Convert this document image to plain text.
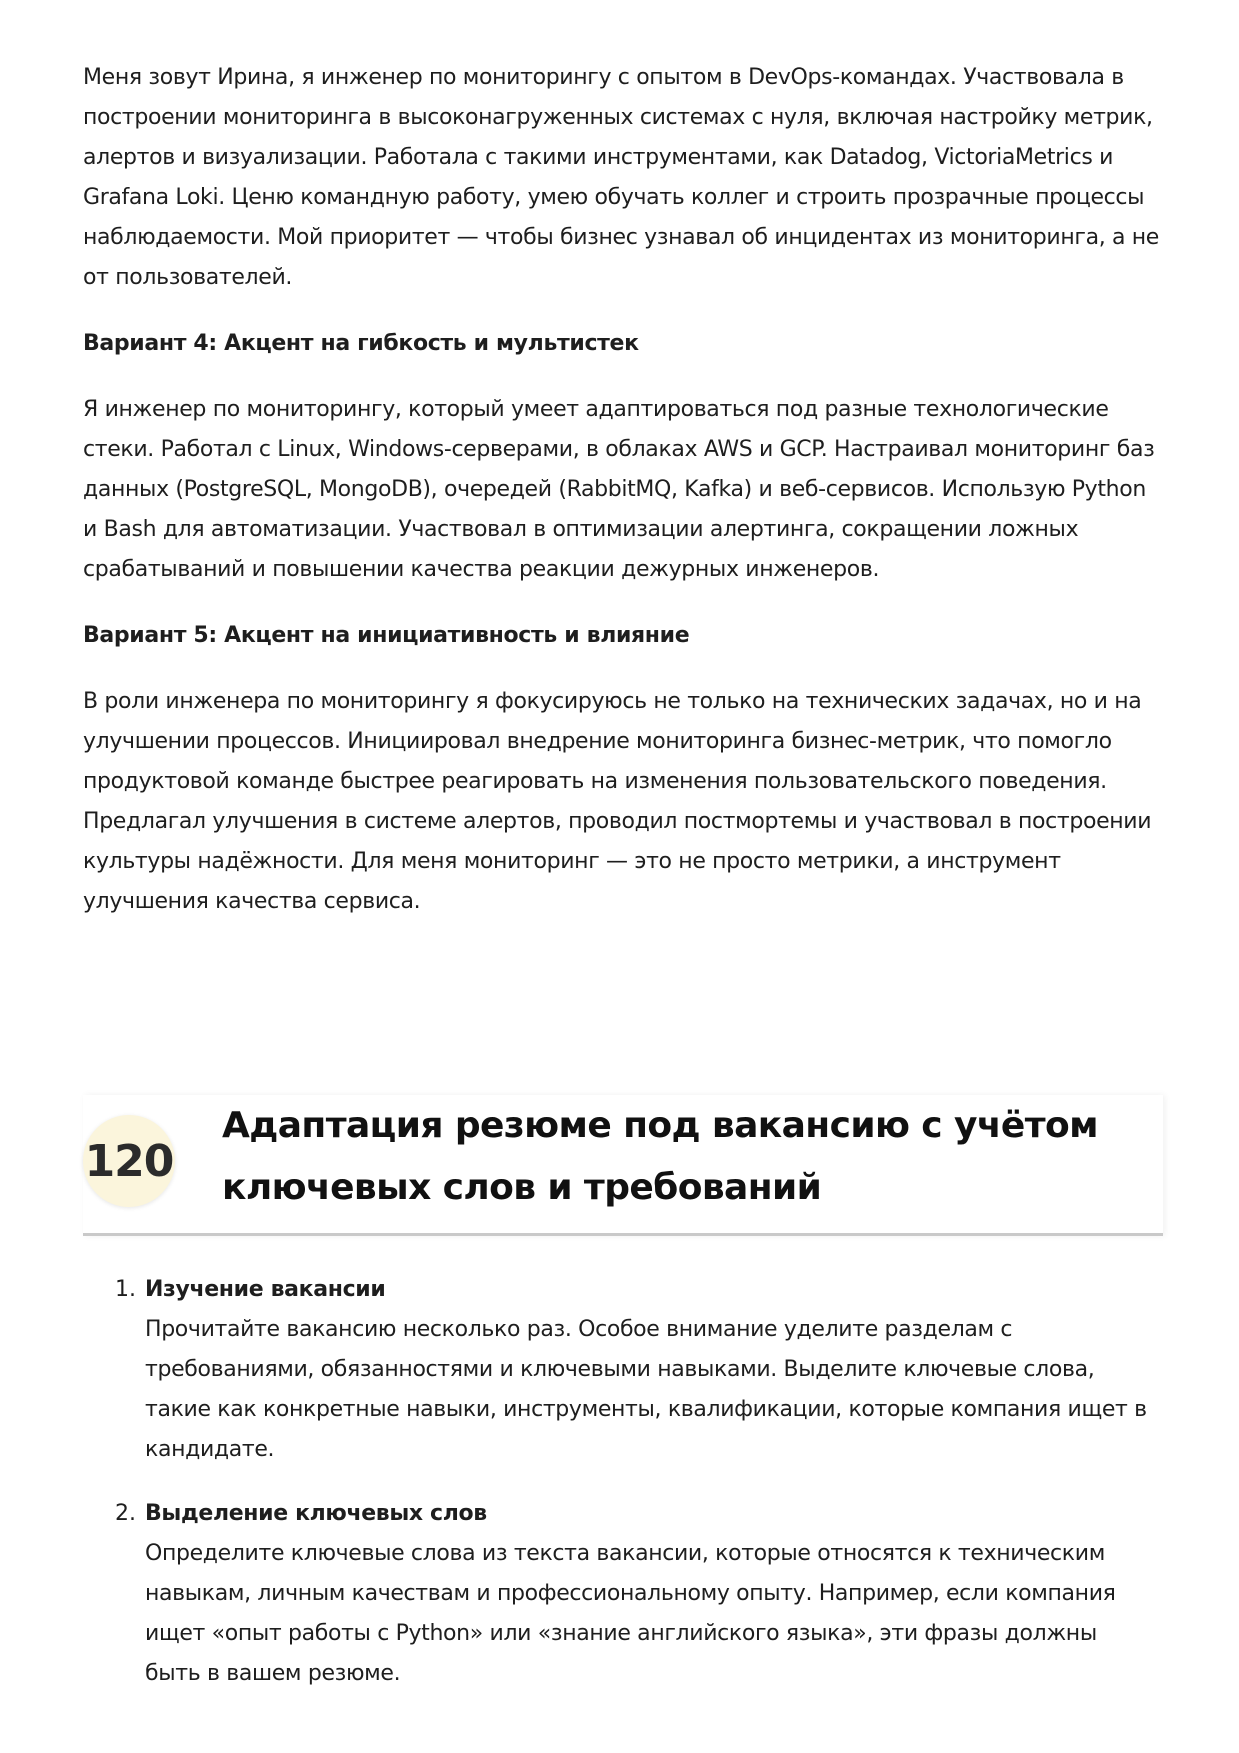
Меня зовут Ирина, я инженер по мониторингу с опытом в DevOps-командах. Участвовала в построении мониторинга в высоконагруженных системах с нуля, включая настройку метрик, алертов и визуализации. Работала с такими инструментами, как Datadog, VictoriaMetrics и Grafana Loki. Ценю командную работу, умею обучать коллег и строить прозрачные процессы наблюдаемости. Мой приоритет — чтобы бизнес узнавал об инцидентах из мониторинга, а не от пользователей.

Вариант 4: Акцент на гибкость и мультистек

Я инженер по мониторингу, который умеет адаптироваться под разные технологические стеки. Работал с Linux, Windows-серверами, в облаках AWS и GCP. Настраивал мониторинг баз данных (PostgreSQL, MongoDB), очередей (RabbitMQ, Kafka) и веб-сервисов. Использую Python и Bash для автоматизации. Участвовал в оптимизации алертинга, сокращении ложных срабатываний и повышении качества реакции дежурных инженеров.

Вариант 5: Акцент на инициативность и влияние

В роли инженера по мониторингу я фокусируюсь не только на технических задачах, но и на улучшении процессов. Инициировал внедрение мониторинга бизнес-метрик, что помогло продуктовой команде быстрее реагировать на изменения пользовательского поведения. Предлагал улучшения в системе алертов, проводил постмортемы и участвовал в построении культуры надёжности. Для меня мониторинг — это не просто метрики, а инструмент улучшения качества сервиса.

120
Адаптация резюме под вакансию с учётом ключевых слов и требований
1. Изучение вакансии
Прочитайте вакансию несколько раз. Особое внимание уделите разделам с требованиями, обязанностями и ключевыми навыками. Выделите ключевые слова, такие как конкретные навыки, инструменты, квалификации, которые компания ищет в кандидате.
2. Выделение ключевых слов
Определите ключевые слова из текста вакансии, которые относятся к техническим навыкам, личным качествам и профессиональному опыту. Например, если компания ищет «опыт работы с Python» или «знание английского языка», эти фразы должны быть в вашем резюме.
